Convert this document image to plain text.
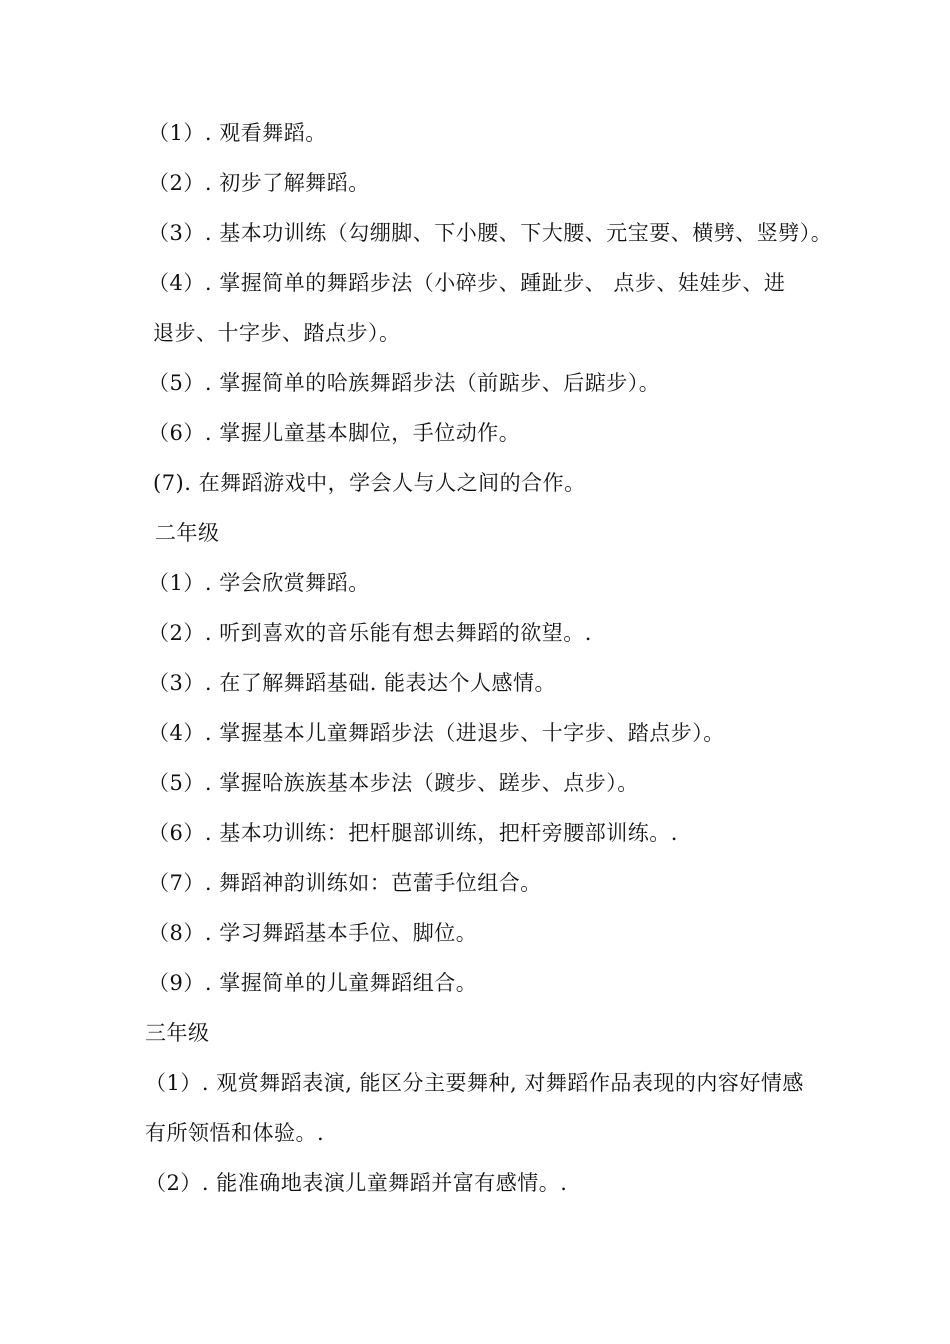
（1）. 观看舞蹈。
（2）. 初步了解舞蹈。
（3）. 基本功训练（勾绷脚、下小腰、下大腰、元宝要、横劈、竖劈）。
（4）. 掌握简单的舞蹈步法（小碎步、踵趾步、 点步、娃娃步、进
退步、十字步、踏点步）。
（5）. 掌握简单的哈族舞蹈步法（前踮步、后踮步）。
（6）. 掌握儿童基本脚位，手位动作。
(7). 在舞蹈游戏中，学会人与人之间的合作。
二年级
（1）. 学会欣赏舞蹈。
（2）. 听到喜欢的音乐能有想去舞蹈的欲望。.
（3）. 在了解舞蹈基础. 能表达个人感情。
（4）. 掌握基本儿童舞蹈步法（进退步、十字步、踏点步）。
（5）. 掌握哈族族基本步法（踱步、蹉步、点步）。
（6）. 基本功训练：把杆腿部训练，把杆旁腰部训练。.
（7）. 舞蹈神韵训练如：芭蕾手位组合。
（8）. 学习舞蹈基本手位、脚位。
（9）. 掌握简单的儿童舞蹈组合。
三年级
（1）. 观赏舞蹈表演, 能区分主要舞种, 对舞蹈作品表现的内容好情感
有所领悟和体验。.
（2）. 能准确地表演儿童舞蹈并富有感情。.
